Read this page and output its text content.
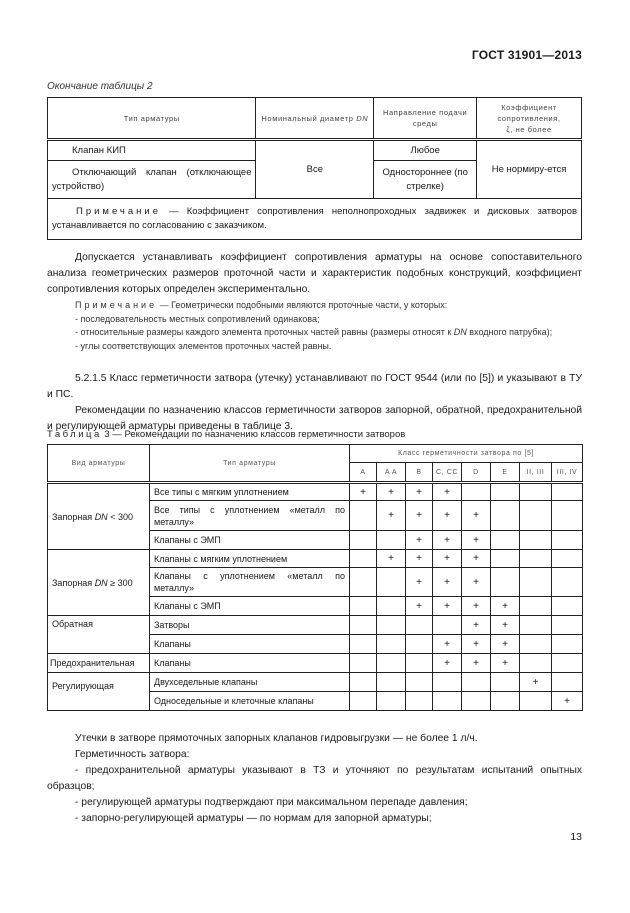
ГОСТ 31901—2013
Окончание таблицы 2
Тип арматуры	Номинальный диаметр DN	Направление подачи среды	Коэффициент сопротивления,
ζ, не более
Клапан КИП	Все	Любое	Не нормиру-ется
Отключающий клапан (отключающее устройство)		Одностороннее (по стрелке)	
Примечание — Коэффициент сопротивления неполнопроходных задвижек и дисковых затворов устанавливается по согласованию с заказчиком.			
Допускается устанавливать коэффициент сопротивления арматуры на основе сопоставительного анализа геометрических размеров проточной части и характеристик подобных конструкций, коэффициент сопротивления которых определен экспериментально.
Примечание — Геометрически подобными являются проточные части, у которых:
- последовательность местных сопротивлений одинакова;
- относительные размеры каждого элемента проточных частей равны (размеры относят к DN входного патрубка);
- углы соответствующих элементов проточных частей равны.
5.2.1.5 Класс герметичности затвора (утечку) устанавливают по ГОСТ 9544 (или по [5]) и указывают в ТУ и ПС.
Рекомендации по назначению классов герметичности затворов запорной, обратной, предохранительной и регулирующей арматуры приведены в таблице 3.
Таблица 3 — Рекомендации по назначению классов герметичности затворов
Вид арматуры	Тип арматуры	Класс герметичности затвора по [5]							
		A	A A	B	C, CC	D	E	II, III	III, IV
Запорная DN < 300	Все типы с мягким уплотнением	+	+	+	+				
	Все типы с уплотнением «металл по металлу»		+	+	+	+			
	Клапаны с ЭМП			+	+	+			
Запорная DN ≥ 300	Клапаны с мягким уплотнением		+	+	+	+			
	Клапаны с уплотнением «металл по металлу»			+	+	+			
	Клапаны с ЭМП			+	+	+	+		
Обратная	Затворы					+	+		
	Клапаны				+	+	+		
Предохранительная	Клапаны				+	+	+		
Регулирующая	Двухседельные клапаны							+	
	Односедельные и клеточные клапаны								+
Утечки в затворе прямоточных запорных клапанов гидровыгрузки — не более 1 л/ч.
Герметичность затвора:
- предохранительной арматуры указывают в ТЗ и уточняют по результатам испытаний опытных образцов;
- регулирующей арматуры подтверждают при максимальном перепаде давления;
- запорно-регулирующей арматуры — по нормам для запорной арматуры;
13
